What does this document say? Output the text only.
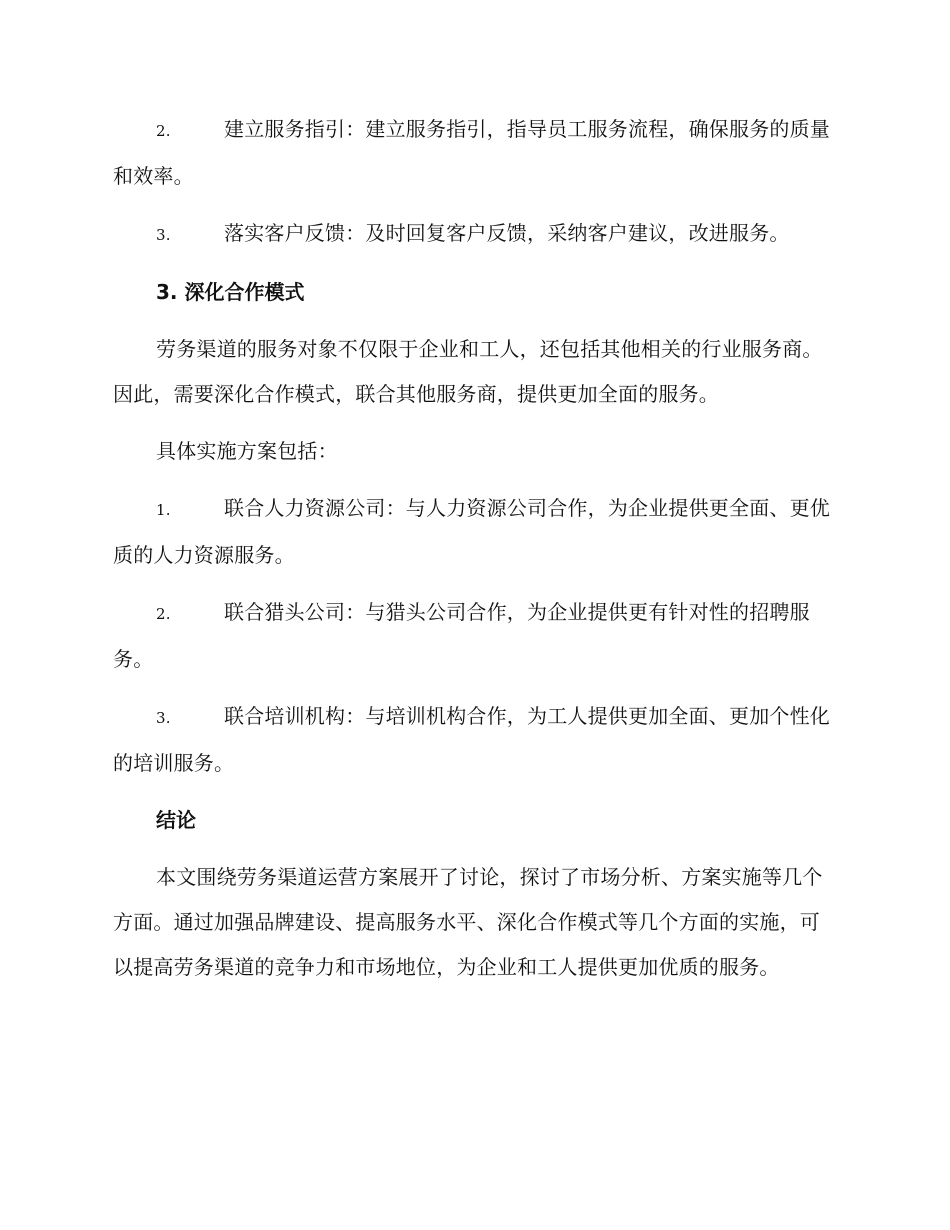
2.	建立服务指引：建立服务指引，指导员工服务流程，确保服务的质量和效率。

3.	落实客户反馈：及时回复客户反馈，采纳客户建议，改进服务。

3. 深化合作模式

劳务渠道的服务对象不仅限于企业和工人，还包括其他相关的行业服务商。因此，需要深化合作模式，联合其他服务商，提供更加全面的服务。

具体实施方案包括：

1.	联合人力资源公司：与人力资源公司合作，为企业提供更全面、更优质的人力资源服务。

2.	联合猎头公司：与猎头公司合作，为企业提供更有针对性的招聘服务。

3.	联合培训机构：与培训机构合作，为工人提供更加全面、更加个性化的培训服务。

结论

本文围绕劳务渠道运营方案展开了讨论，探讨了市场分析、方案实施等几个方面。通过加强品牌建设、提高服务水平、深化合作模式等几个方面的实施，可以提高劳务渠道的竞争力和市场地位，为企业和工人提供更加优质的服务。
